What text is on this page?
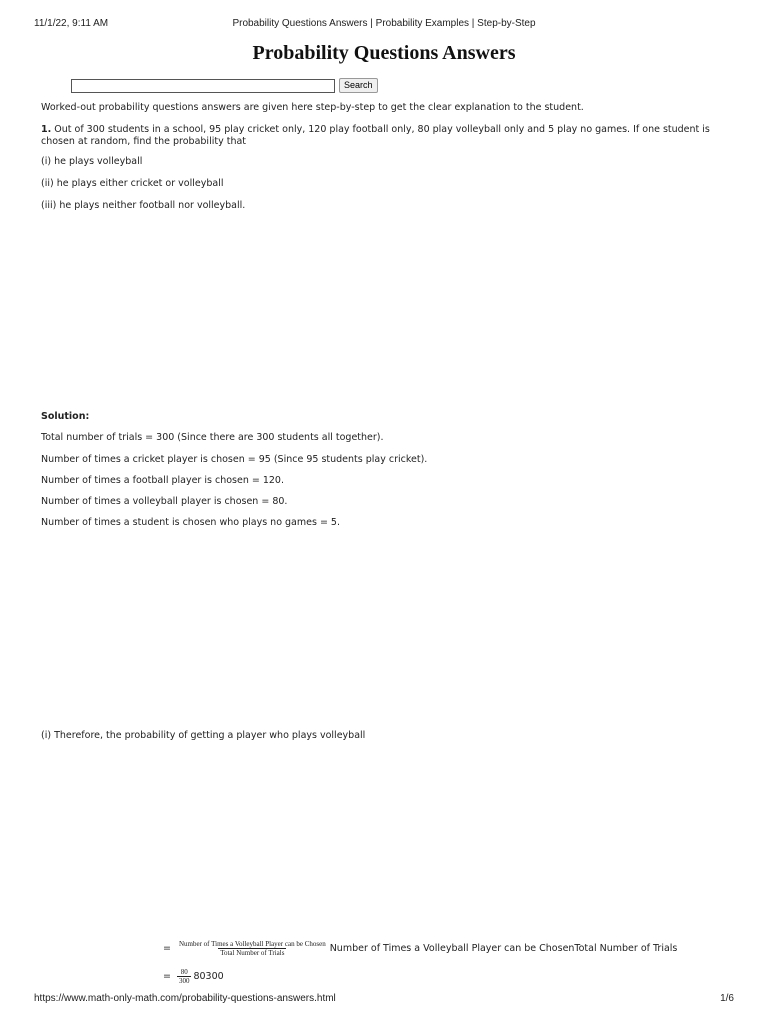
11/1/22, 9:11 AM	Probability Questions Answers | Probability Examples | Step-by-Step
Probability Questions Answers
Search
Worked-out probability questions answers are given here step-by-step to get the clear explanation to the student.
1. Out of 300 students in a school, 95 play cricket only, 120 play football only, 80 play volleyball only and 5 play no games. If one student is chosen at random, find the probability that
(i) he plays volleyball
(ii) he plays either cricket or volleyball
(iii) he plays neither football nor volleyball.
Solution:
Total number of trials = 300 (Since there are 300 students all together).
Number of times a cricket player is chosen = 95 (Since 95 students play cricket).
Number of times a football player is chosen = 120.
Number of times a volleyball player is chosen = 80.
Number of times a student is chosen who plays no games = 5.
(i) Therefore, the probability of getting a player who plays volleyball
= $\frac{\text{Number of Times a Volleyball Player can be Chosen}}{\text{Total Number of Trials}}$ Number of Times a Volleyball Player can be ChosenTotal Number of Trials
= $\frac{80}{300} 80300$
https://www.math-only-math.com/probability-questions-answers.html	1/6
